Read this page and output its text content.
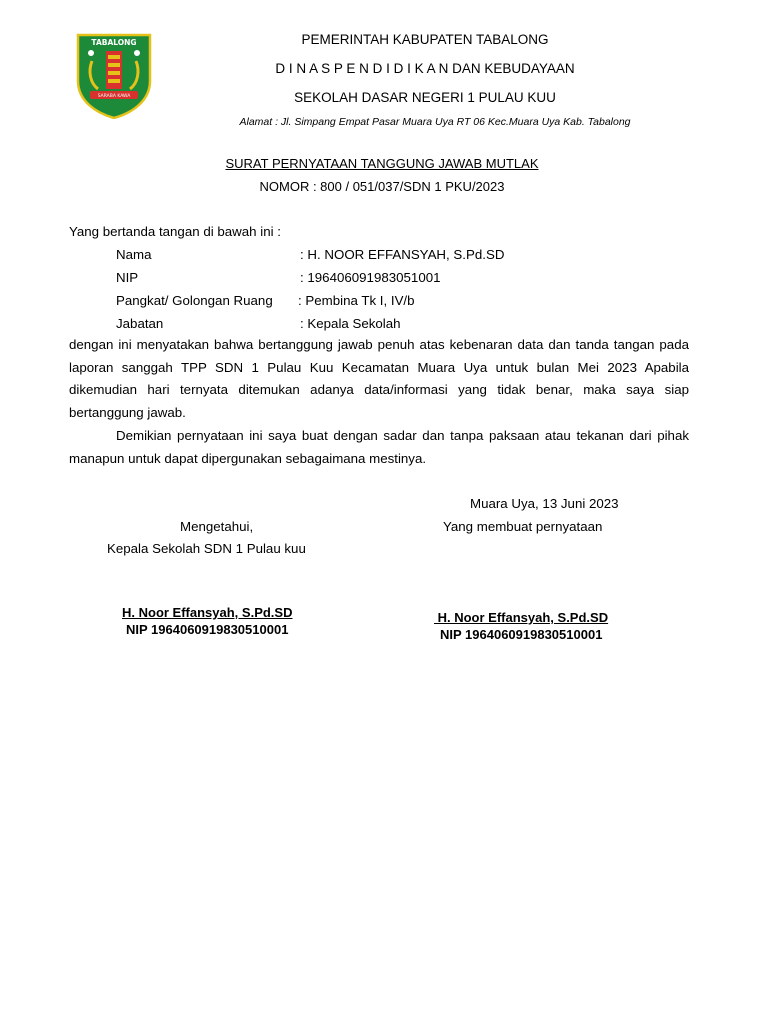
TABALONG
SARABA KAWA
PEMERINTAH KABUPATEN TABALONG
D I N A S P E N D I D I K A N DAN KEBUDAYAAN
SEKOLAH DASAR NEGERI 1 PULAU KUU
Alamat : Jl. Simpang Empat Pasar Muara Uya RT 06 Kec.Muara Uya Kab. Tabalong
SURAT PERNYATAAN TANGGUNG JAWAB MUTLAK
NOMOR : 800 / 051/037/SDN 1 PKU/2023
Yang bertanda tangan di bawah ini :
Nama	: H. NOOR EFFANSYAH, S.Pd.SD
NIP	: 196406091983051001
Pangkat/ Golongan Ruang : Pembina Tk I, IV/b
Jabatan	: Kepala Sekolah
dengan ini menyatakan bahwa bertanggung jawab penuh atas kebenaran data dan tanda tangan pada laporan sanggah TPP SDN 1 Pulau Kuu Kecamatan Muara Uya untuk bulan Mei 2023 Apabila dikemudian hari ternyata ditemukan adanya data/informasi yang tidak benar, maka saya siap bertanggung jawab.
Demikian pernyataan ini saya buat dengan sadar dan tanpa paksaan atau tekanan dari pihak manapun untuk dapat dipergunakan sebagaimana mestinya.
Muara Uya, 13 Juni 2023
Mengetahui,
Kepala Sekolah SDN 1 Pulau kuu
Yang membuat pernyataan
H. Noor Effansyah, S.Pd.SD
NIP 1964060919830510001
H. Noor Effansyah, S.Pd.SD
NIP 1964060919830510001
